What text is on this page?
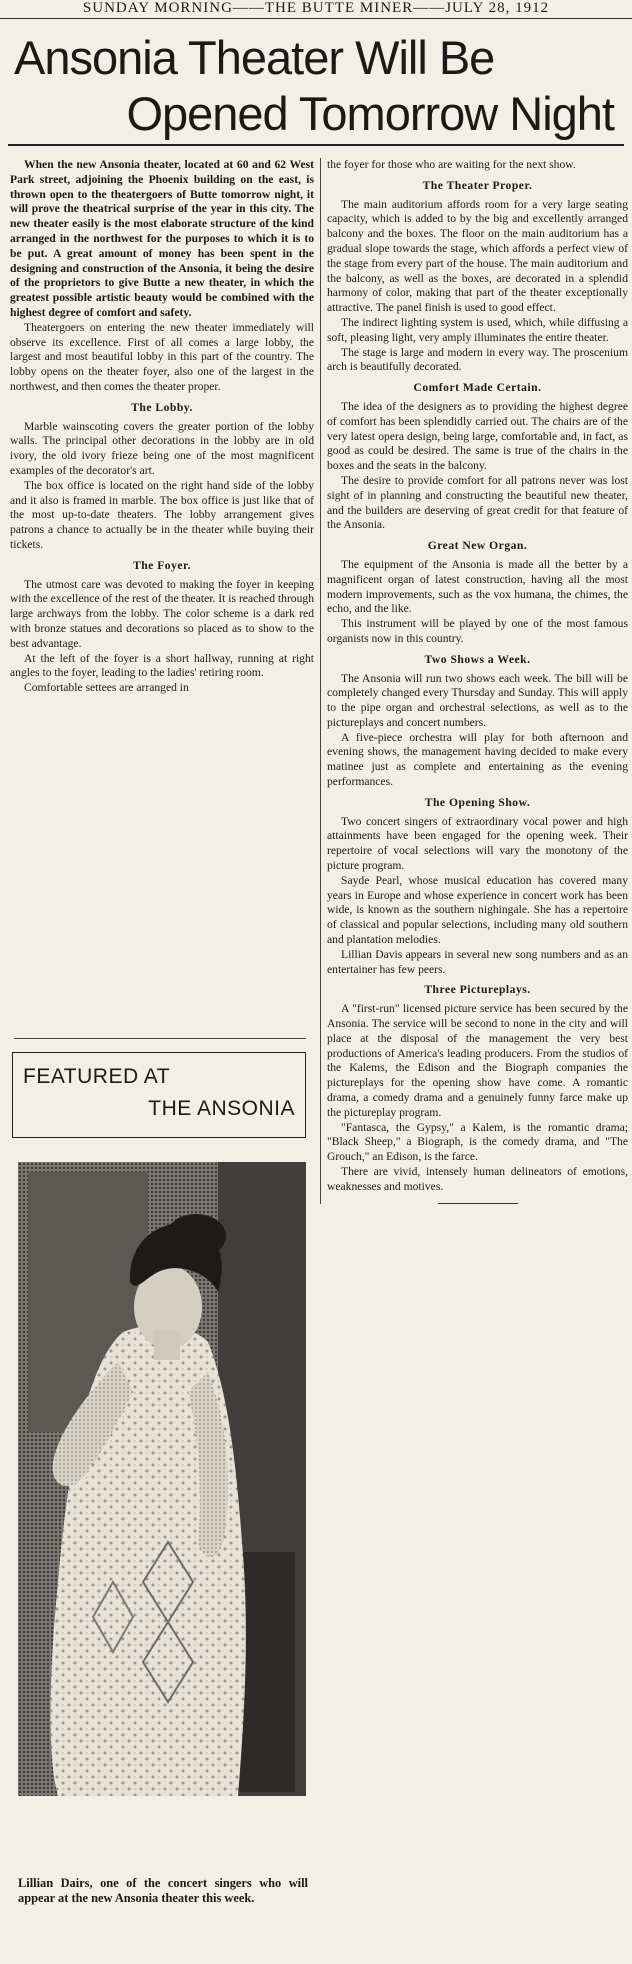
SUNDAY MORNING——THE BUTTE MINER——JULY 28, 1912
Ansonia Theater Will Be
Opened Tomorrow Night

When the new Ansonia theater, located at 60 and 62 West Park street, adjoining the Phoenix building on the east, is thrown open to the theatergoers of Butte tomorrow night, it will prove the theatrical surprise of the year in this city. The new theater easily is the most elaborate structure of the kind arranged in the northwest for the purposes to which it is to be put. A great amount of money has been spent in the designing and construction of the Ansonia, it being the desire of the proprietors to give Butte a new theater, in which the greatest possible artistic beauty would be combined with the highest degree of comfort and safety.

Theatergoers on entering the new theater immediately will observe its excellence. First of all comes a large lobby, the largest and most beautiful lobby in this part of the country. The lobby opens on the theater foyer, also one of the largest in the northwest, and then comes the theater proper.

The Lobby.

Marble wainscoting covers the greater portion of the lobby walls. The principal other decorations in the lobby are in old ivory, the old ivory frieze being one of the most magnificent examples of the decorator's art.

The box office is located on the right hand side of the lobby and it also is framed in marble. The box office is just like that of the most up-to-date theaters. The lobby arrangement gives patrons a chance to actually be in the theater while buying their tickets.

The Foyer.

The utmost care was devoted to making the foyer in keeping with the excellence of the rest of the theater. It is reached through large archways from the lobby. The color scheme is a dark red with bronze statues and decorations so placed as to show to the best advantage.

At the left of the foyer is a short hallway, running at right angles to the foyer, leading to the ladies' retiring room.

Comfortable settees are arranged in

FEATURED AT
THE ANSONIA
Lillian Dairs, one of the concert singers who will appear at the new Ansonia theater this week.

the foyer for those who are waiting for the next show.

The Theater Proper.

The main auditorium affords room for a very large seating capacity, which is added to by the big and excellently arranged balcony and the boxes. The floor on the main auditorium has a gradual slope towards the stage, which affords a perfect view of the stage from every part of the house. The main auditorium and the balcony, as well as the boxes, are decorated in a splendid harmony of color, making that part of the theater exceptionally attractive. The panel finish is used to good effect.

The indirect lighting system is used, which, while diffusing a soft, pleasing light, very amply illuminates the entire theater.

The stage is large and modern in every way. The proscenium arch is beautifully decorated.

Comfort Made Certain.

The idea of the designers as to providing the highest degree of comfort has been splendidly carried out. The chairs are of the very latest opera design, being large, comfortable and, in fact, as good as could be desired. The same is true of the chairs in the boxes and the seats in the balcony.

The desire to provide comfort for all patrons never was lost sight of in planning and constructing the beautiful new theater, and the builders are deserving of great credit for that feature of the Ansonia.

Great New Organ.

The equipment of the Ansonia is made all the better by a magnificent organ of latest construction, having all the most modern improvements, such as the vox humana, the chimes, the echo, and the like.

This instrument will be played by one of the most famous organists now in this country.

Two Shows a Week.

The Ansonia will run two shows each week. The bill will be completely changed every Thursday and Sunday. This will apply to the pipe organ and orchestral selections, as well as to the pictureplays and concert numbers.

A five-piece orchestra will play for both afternoon and evening shows, the management having decided to make every matinee just as complete and entertaining as the evening performances.

The Opening Show.

Two concert singers of extraordinary vocal power and high attainments have been engaged for the opening week. Their repertoire of vocal selections will vary the monotony of the picture program.

Sayde Pearl, whose musical education has covered many years in Europe and whose experience in concert work has been wide, is known as the southern nighingale. She has a repertoire of classical and popular selections, including many old southern and plantation melodies.

Lillian Davis appears in several new song numbers and as an entertainer has few peers.

Three Pictureplays.

A "first-run" licensed picture service has been secured by the Ansonia. The service will be second to none in the city and will place at the disposal of the management the very best productions of America's leading producers. From the studios of the Kalems, the Edison and the Biograph companies the pictureplays for the opening show have come. A romantic drama, a comedy drama and a genuinely funny farce make up the pictureplay program.

"Fantasca, the Gypsy," a Kalem, is the romantic drama; "Black Sheep," a Biograph, is the comedy drama, and "The Grouch," an Edison, is the farce.

There are vivid, intensely human delineators of emotions, weaknesses and motives.
